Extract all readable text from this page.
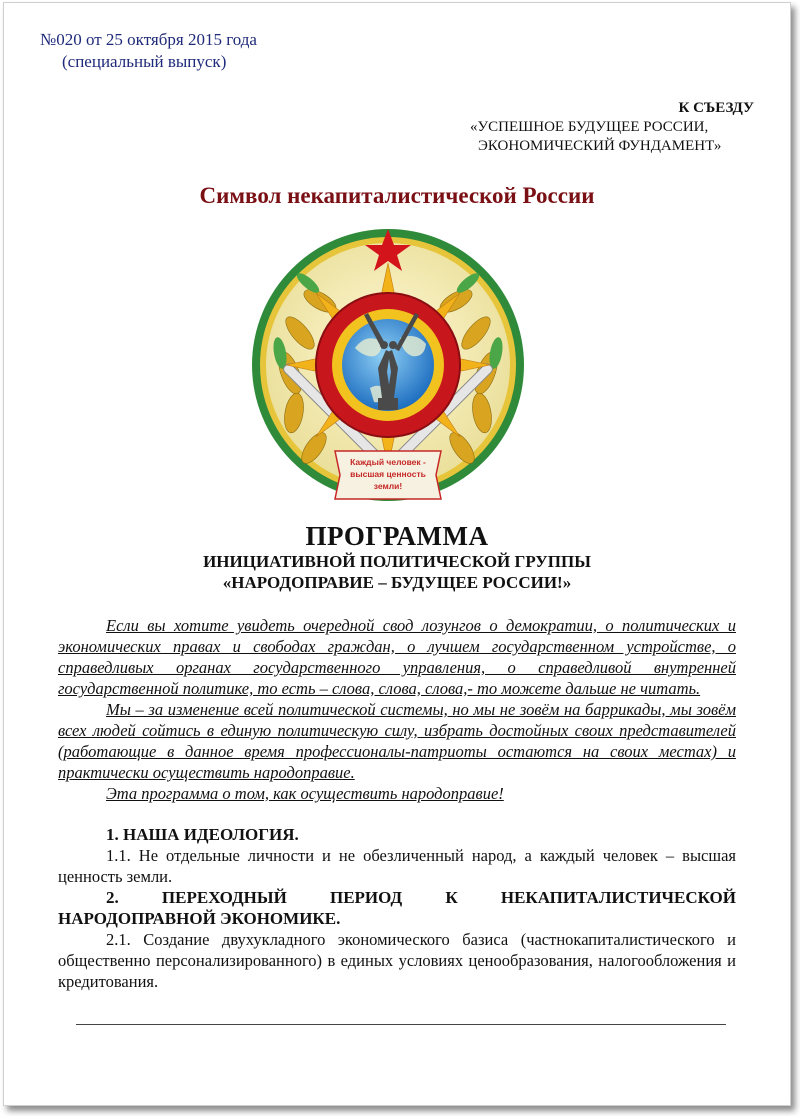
№020 от 25 октября 2015 года
(специальный выпуск)
К СЪЕЗДУ
«УСПЕШНОЕ БУДУЩЕЕ РОССИИ,
ЭКОНОМИЧЕСКИЙ ФУНДАМЕНТ»
Символ некапиталистической России
Каждый человек -
высшая ценность
земли!
ПРОГРАММА
ИНИЦИАТИВНОЙ ПОЛИТИЧЕСКОЙ ГРУППЫ
«НАРОДОПРАВИЕ – БУДУЩЕЕ РОССИИ!»

Если вы хотите увидеть очередной свод лозунгов о демократии, о политических и экономических правах и свободах граждан, о лучшем государственном устройстве, о справедливых органах государственного управления, о справедливой внутренней государственной политике, то есть – слова, слова, слова,- то можете дальше не читать.

Мы – за изменение всей политической системы, но мы не зовём на баррикады, мы зовём всех людей сойтись в единую политическую силу, избрать достойных своих представителей (работающие в данное время профессионалы-патриоты остаются на своих местах) и практически осуществить народоправие.

Эта программа о том, как осуществить народоправие!

1. НАША ИДЕОЛОГИЯ.

1.1. Не отдельные личности и не обезличенный народ, а каждый человек – высшая ценность земли.

2. ПЕРЕХОДНЫЙ ПЕРИОД К НЕКАПИТАЛИСТИЧЕСКОЙ НАРОДОПРАВНОЙ ЭКОНОМИКЕ.

2.1. Создание двухукладного экономического базиса (частнокапиталистического и общественно персонализированного) в единых условиях ценообразования, налогообложения и кредитования.
